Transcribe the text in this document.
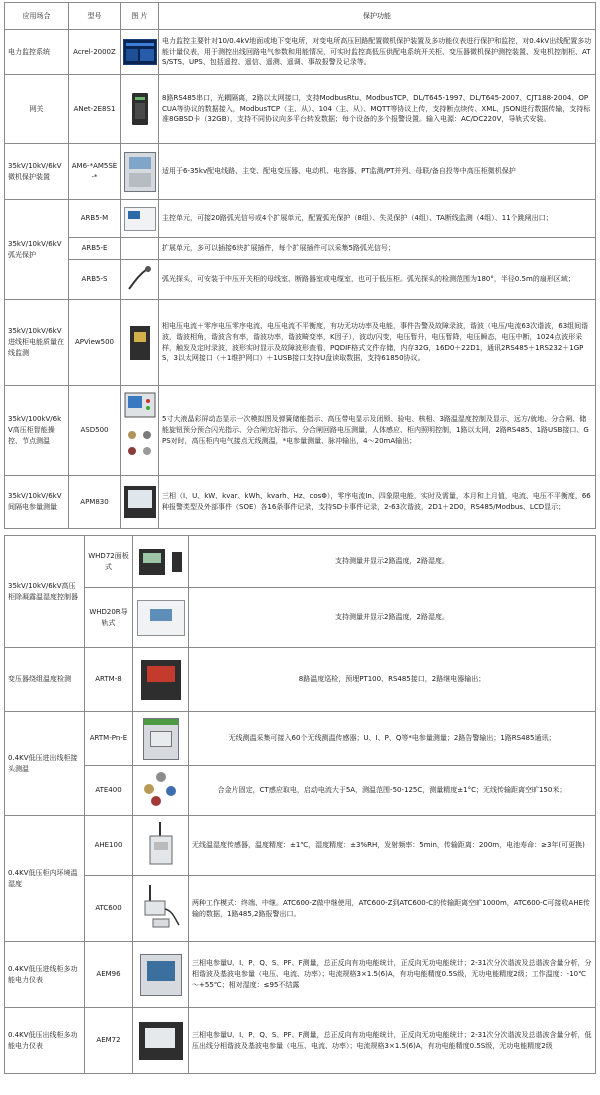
应用场合	型号	图 片	保护功能
电力监控系统	Acrel-2000Z		电力监控主要针对10/0.4kV地面或地下变电所，对变电所高压回路配置微机保护装置及多功能仪表进行保护和监控，对0.4kV出线配置多功能计量仪表，用于测控出线回路电气参数和用能情况，可实时监控高低压供配电系统开关柜、变压器微机保护测控装置、发电机控制柜、ATS/STS、UPS、包括遥控、遥信、遥测、遥调、事故报警及记录等。
网关	ANet-2E8S1		8路RS485串口，光耦隔离，2路以太网接口，支持ModbusRtu、ModbusTCP、DL/T645-1997、DL/T645-2007、CJT188-2004、OPCUA等协议的数据接入，ModbusTCP（主、从）、104（主、从）、MQTT等协议上传，支持断点续传、XML、JSON进行数据传输，支持标准8GBSD卡（32GB），支持不同协议向多平台转发数据；每个设备的多个报警设置。输入电源：AC/DC220V，导轨式安装。
35kV/10kV/6kV微机保护装置	AM6-*AM5SE-*		适用于6-35kv配电线路、主变、配电变压器、电动机、电容器、PT监测/PT并列、母联/备自投等中高压柜微机保护
35kV/10kV/6kV弧光保护	ARB5-M		主控单元，可接20路弧光信号或4个扩展单元，配置弧光保护（8组）、失灵保护（4组）、TA断线监测（4组）、11个跳闸出口；
	ARB5-E		扩展单元，多可以插接6块扩展插件，每个扩展插件可以采集5路弧光信号；
	ARB5-S		弧光探头，可安装于中压开关柜的母线室、断路器室或电缆室，也可于低压柜。弧光探头的检测范围为180°，半径0.5m的扇形区域；
35kV/10kV/6kV进线柜电能质量在线监测	APView500		相电压电流＋零序电压零序电流、电压电流不平衡度，有功无功功率及电能，事件告警及故障录波，谐波（电压/电流63次谐波，63组间谐波，谐波相角，谐波含有率，谐波功率，谐波畸变率，K因子），波动/闪变，电压暂升，电压暂降，电压瞬态，电压中断，1024点波形采样，触发及定时录波，波形实时显示及故障波形查看，PQDIF格式文件存储，内存32G，16D0＋22D1，通讯2RS485＋1RS232＋1GPS，3以太网接口（＋1维护网口）＋1USB接口支持U盘读取数据，支持61850协议。
35kV/100kV/6kV高压柜智能操控、节点测温	ASD500		5寸大液晶彩屏动态显示一次模拟图及弹簧储能指示、高压带电显示及闭锁、验电、核相、3路温湿度控制及显示，远方/就地、分合闸、储能旋钮预分预合闪光指示、分合闸完好指示、分合闸回路电压测量，人体感应、柜内照明控制，1路以太网，2路RS485、1路USB接口、GPS对时，高压柜内电气接点无线测温，*电参量测量、脉冲输出，4～20mA输出；
35kV/10kV/6kV间隔电参量测量	APM830		三相（I、U、kW、kvar、kWh、kvarh、Hz、cosΦ），零序电流In、四象限电能，实时及需量，本月和上月值，电流、电压不平衡度，66种报警类型及外部事件（SOE）各16条事件记录，支持SD卡事件记录，2-63次谐波，2D1＋2D0，RS485/Modbus、LCD显示；
35kV/10kV/6kV高压柜除凝露温湿度控制器	WHD72面板式		支持测量并显示2路温度，2路湿度。
	WHD20R导轨式		支持测量并显示2路温度，2路湿度。
变压器绕组温度检测	ARTM-8		8路温度巡检，预埋PT100、RS485接口，2路继电器输出；
0.4KV低压进出线柜接头测温	ARTM-Pn-E		无线测温采集可接入60个无线测温传感器；U、I、P、Q等*电参量测量；2路告警输出；1路RS485通讯；
	ATE400		合金片固定，CT感应取电，启动电流大于5A，测温范围-50-125C，测量精度±1°C；无线传输距离空旷150米；
0.4KV低压柜内环境温湿度	AHE100		无线温湿度传感器，温度精度：±1℃，湿度精度：±3%RH，发射频率：5min，传输距离：200m，电池寿命：≥3年(可更换)
	ATC600		两种工作模式：终端、中继。ATC600-Z做中继使用，ATC600-Z到ATC600-C的传输距离空旷1000m，ATC600-C可接收AHE传输的数据，1路485,2路报警出口。
0.4KV低压进线柜多功能电力仪表	AEM96		三相电参量U、I、P、Q、S、PF、F测量，总正反向有功电能统计，正反向无功电能统计；2-31次分次谐波及总谐波含量分析，分相谐波及基波电参量（电压、电流、功率）；电流规格3×1.5(6)A，有功电能精度0.5S级，无功电能精度2级；工作温度：-10℃～+55℃；相对湿度：≤95不结露
0.4KV低压出线柜多功能电力仪表	AEM72		三相电参量U、I、P、Q、S、PF、F测量，总正反向有功电能统计，正反向无功电能统计；2-31次分次谐波及总谐波含量分析，低压出线分相谐波及基波电参量（电压、电流、功率）；电流规格3×1.5(6)A，有功电能精度0.5S级，无功电能精度2级
